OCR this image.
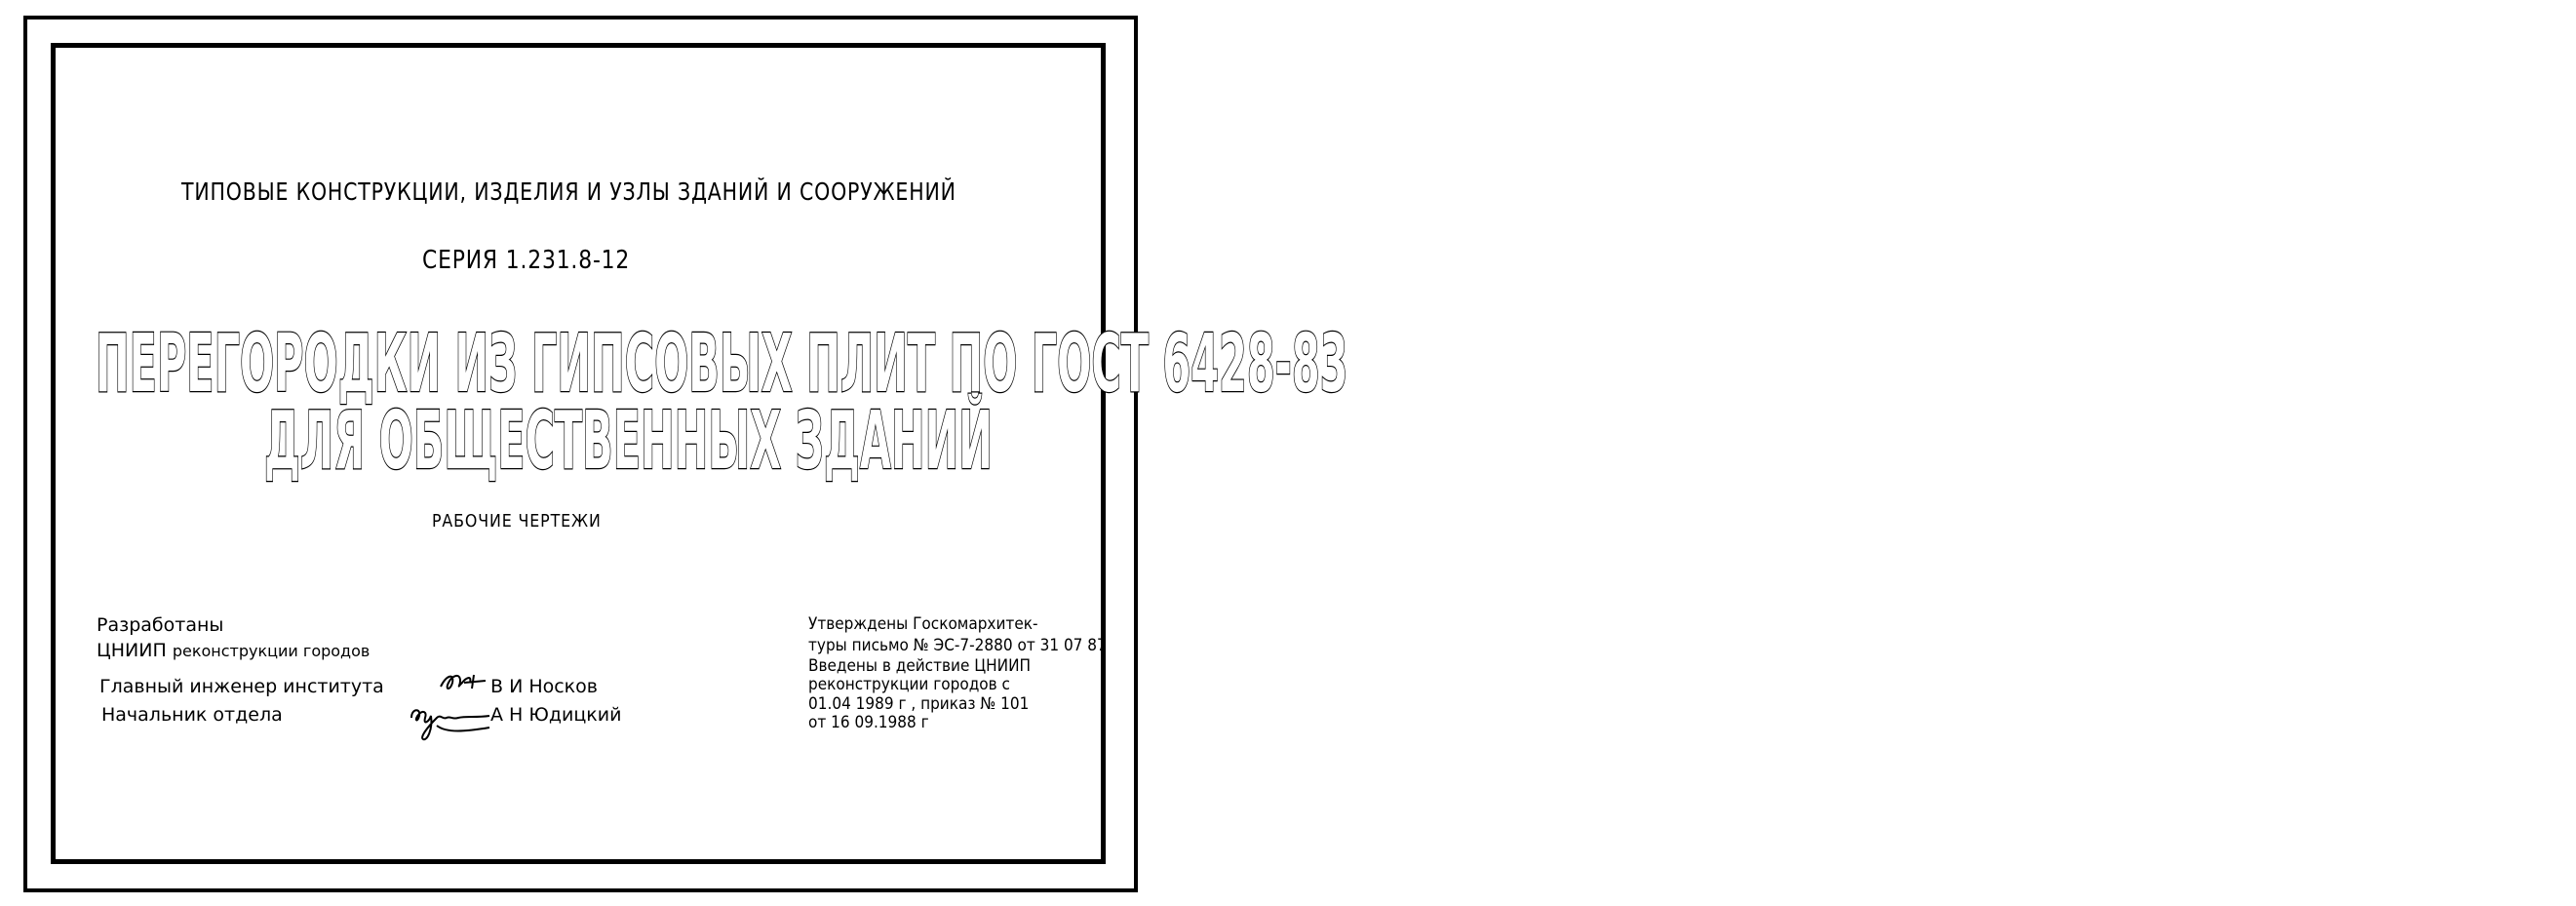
ТИПОВЫЕ КОНСТРУКЦИИ, ИЗДЕЛИЯ И УЗЛЫ ЗДАНИЙ И СООРУЖЕНИЙ
СЕРИЯ 1.231.8-12
ПЕРЕГОРОДКИ ИЗ ГИПСОВЫХ ПЛИТ ПО ГОСТ 6428-83
ДЛЯ ОБЩЕСТВЕННЫХ ЗДАНИЙ
РАБОЧИЕ ЧЕРТЕЖИ
Разработаны
ЦНИИП реконструкции городов
Главный инженер института
Начальник отдела
В И Носков
А Н Юдицкий
Утверждены Госкомархитек-
туры письмо № ЭС-7-2880 от 31 07 87
Введены в действие ЦНИИП
реконструкции городов с
01.04 1989 г , приказ № 101
от 16 09.1988 г
